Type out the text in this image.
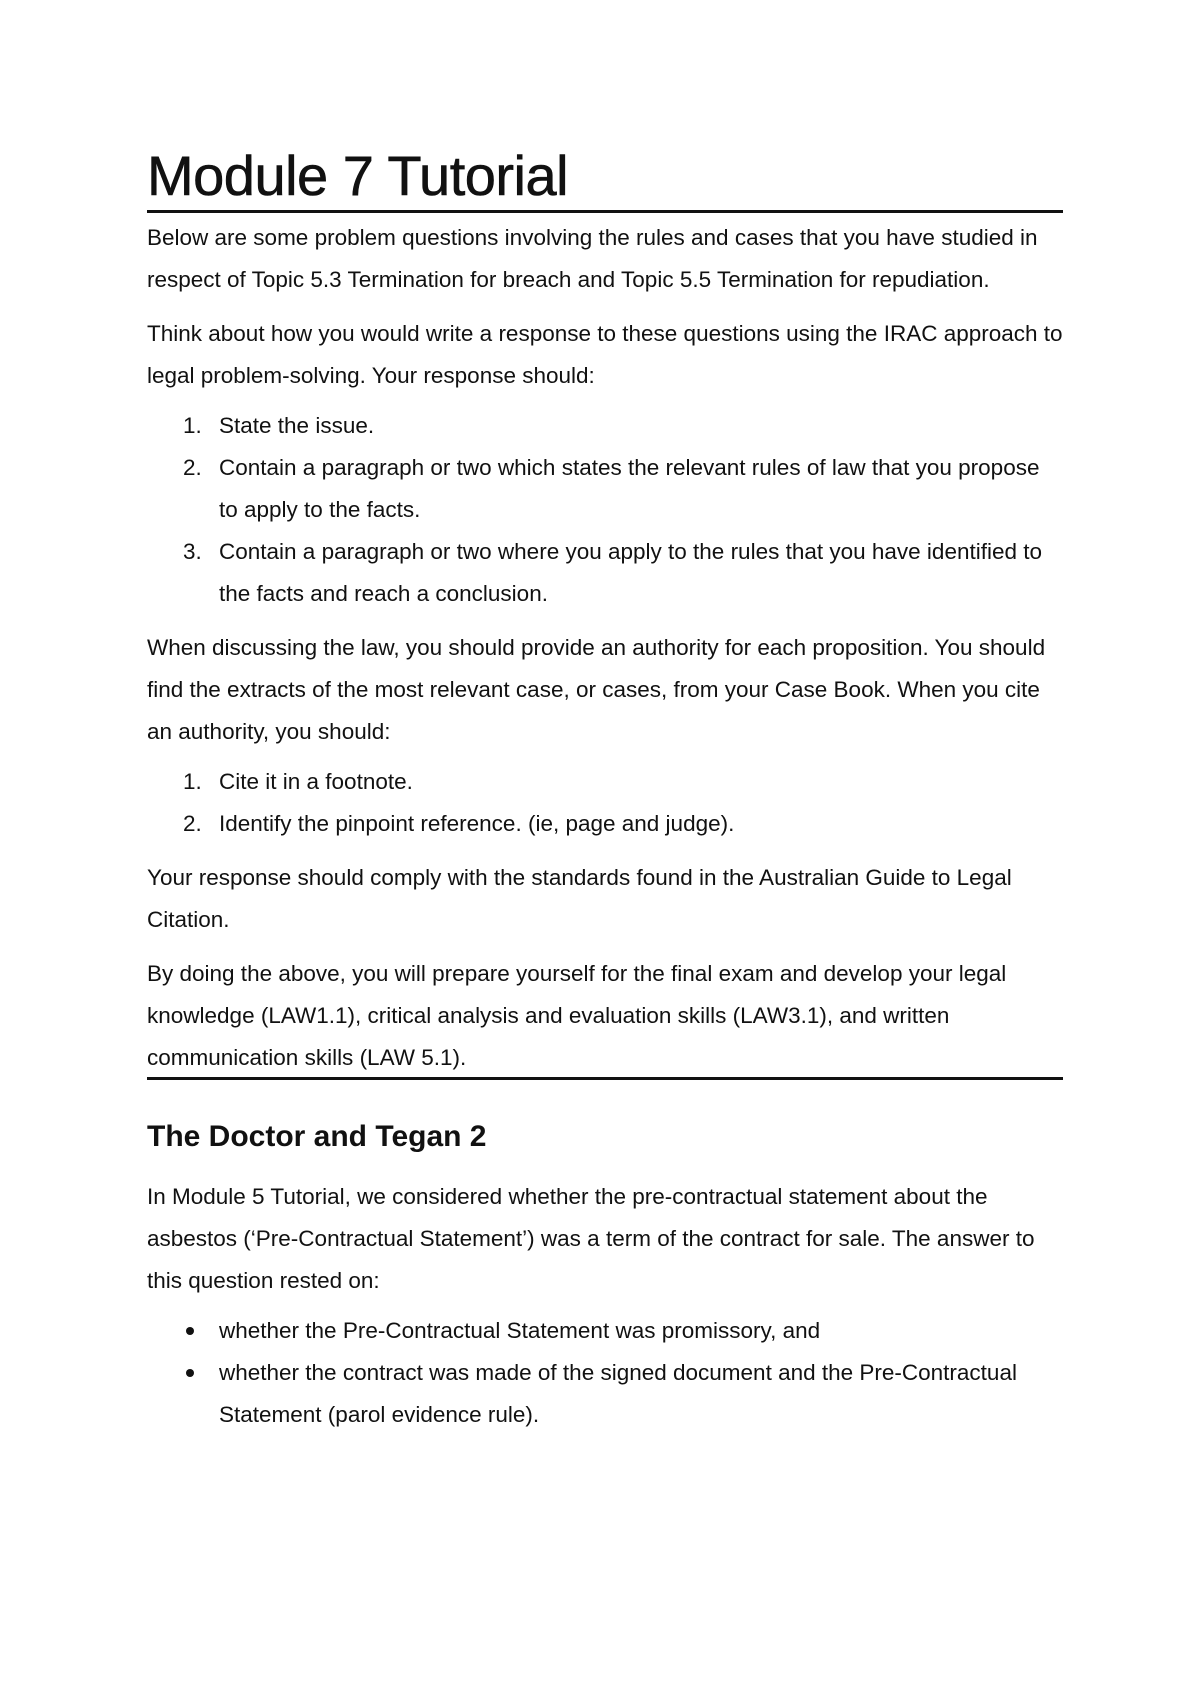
Module 7 Tutorial

Below are some problem questions involving the rules and cases that you have studied in respect of Topic 5.3 Termination for breach and Topic 5.5 Termination for repudiation.

Think about how you would write a response to these questions using the IRAC approach to legal problem-solving. Your response should:

1. State the issue.
2. Contain a paragraph or two which states the relevant rules of law that you propose to apply to the facts.
3. Contain a paragraph or two where you apply to the rules that you have identified to the facts and reach a conclusion.

When discussing the law, you should provide an authority for each proposition. You should find the extracts of the most relevant case, or cases, from your Case Book. When you cite an authority, you should:

1. Cite it in a footnote.
2. Identify the pinpoint reference. (ie, page and judge).

Your response should comply with the standards found in the Australian Guide to Legal Citation.

By doing the above, you will prepare yourself for the final exam and develop your legal knowledge (LAW1.1), critical analysis and evaluation skills (LAW3.1), and written communication skills (LAW 5.1).

The Doctor and Tegan 2

In Module 5 Tutorial, we considered whether the pre-contractual statement about the asbestos (‘Pre-Contractual Statement’) was a term of the contract for sale. The answer to this question rested on:

whether the Pre-Contractual Statement was promissory, and
whether the contract was made of the signed document and the Pre-Contractual Statement (parol evidence rule).
